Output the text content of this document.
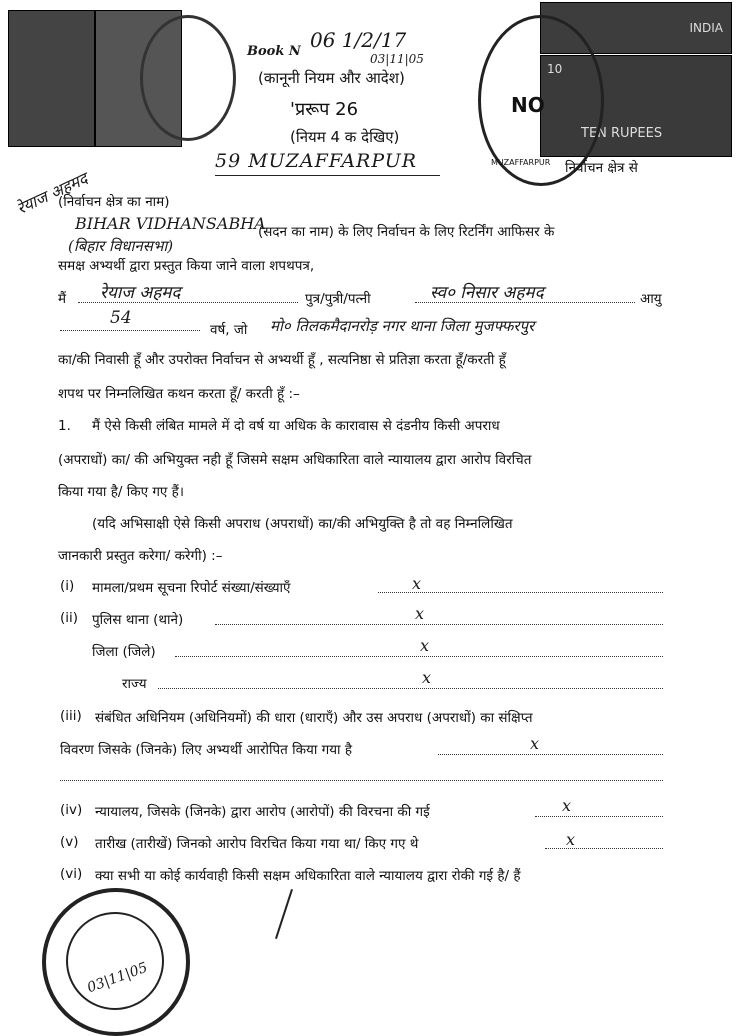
INDIA
10
TEN RUPEES
NO
MUZAFFARPUR
Book N 06 1/2/17
03|11|05
(कानूनी नियम और आदेश)
'प्ररूप 26
(नियम 4 क देखिए)
59 MUZAFFARPUR	निर्वाचन क्षेत्र से
रेयाज अहमद
(निर्वाचन क्षेत्र का नाम)
BIHAR VIDHANSABHA
(बिहार विधानसभा)
(सदन का नाम) के लिए निर्वाचन के लिए रिटर्निंग आफिसर के
समक्ष अभ्यर्थी द्वारा प्रस्तुत किया जाने वाला शपथपत्र,
मैं रेयाज अहमद	पुत्र/पुत्री/पत्नी	स्व० निसार अहमद	आयु
54
वर्ष, जो मो० तिलकमैदानरोड़ नगर थाना जिला मुजफ्फरपुर
का/की निवासी हूँ और उपरोक्त निर्वाचन से अभ्यर्थी हूँ , सत्यनिष्ठा से प्रतिज्ञा करता हूँ/करती हूँ
शपथ पर निम्नलिखित कथन करता हूँ/ करती हूँ :–
1. मैं ऐसे किसी लंबित मामले में दो वर्ष या अधिक के कारावास से दंडनीय किसी अपराध
(अपराधों) का/ की अभियुक्त नही हूँ जिसमे सक्षम अधिकारिता वाले न्यायालय द्वारा आरोप विरचित
किया गया है/ किए गए हैं।
(यदि अभिसाक्षी ऐसे किसी अपराध (अपराधों) का/की अभियुक्ति है तो वह निम्नलिखित
जानकारी प्रस्तुत करेगा/ करेगी) :–
(i) मामला/प्रथम सूचना रिपोर्ट संख्या/संख्याएँ	x
(ii) पुलिस थाना (थाने)	x
जिला (जिले)	x
राज्य	x
(iii) संबंधित अधिनियम (अधिनियमों) की धारा (धाराएँ) और उस अपराध (अपराधों) का संक्षिप्त
विवरण जिसके (जिनके) लिए अभ्यर्थी आरोपित किया गया है	x
(iv) न्यायालय, जिसके (जिनके) द्वारा आरोप (आरोपों) की विरचना की गई	x
(v) तारीख (तारीखें) जिनको आरोप विरचित किया गया था/ किए गए थे	x
(vi) क्या सभी या कोई कार्यवाही किसी सक्षम अधिकारिता वाले न्यायालय द्वारा रोकी गई है/ हैं
03|11|05
